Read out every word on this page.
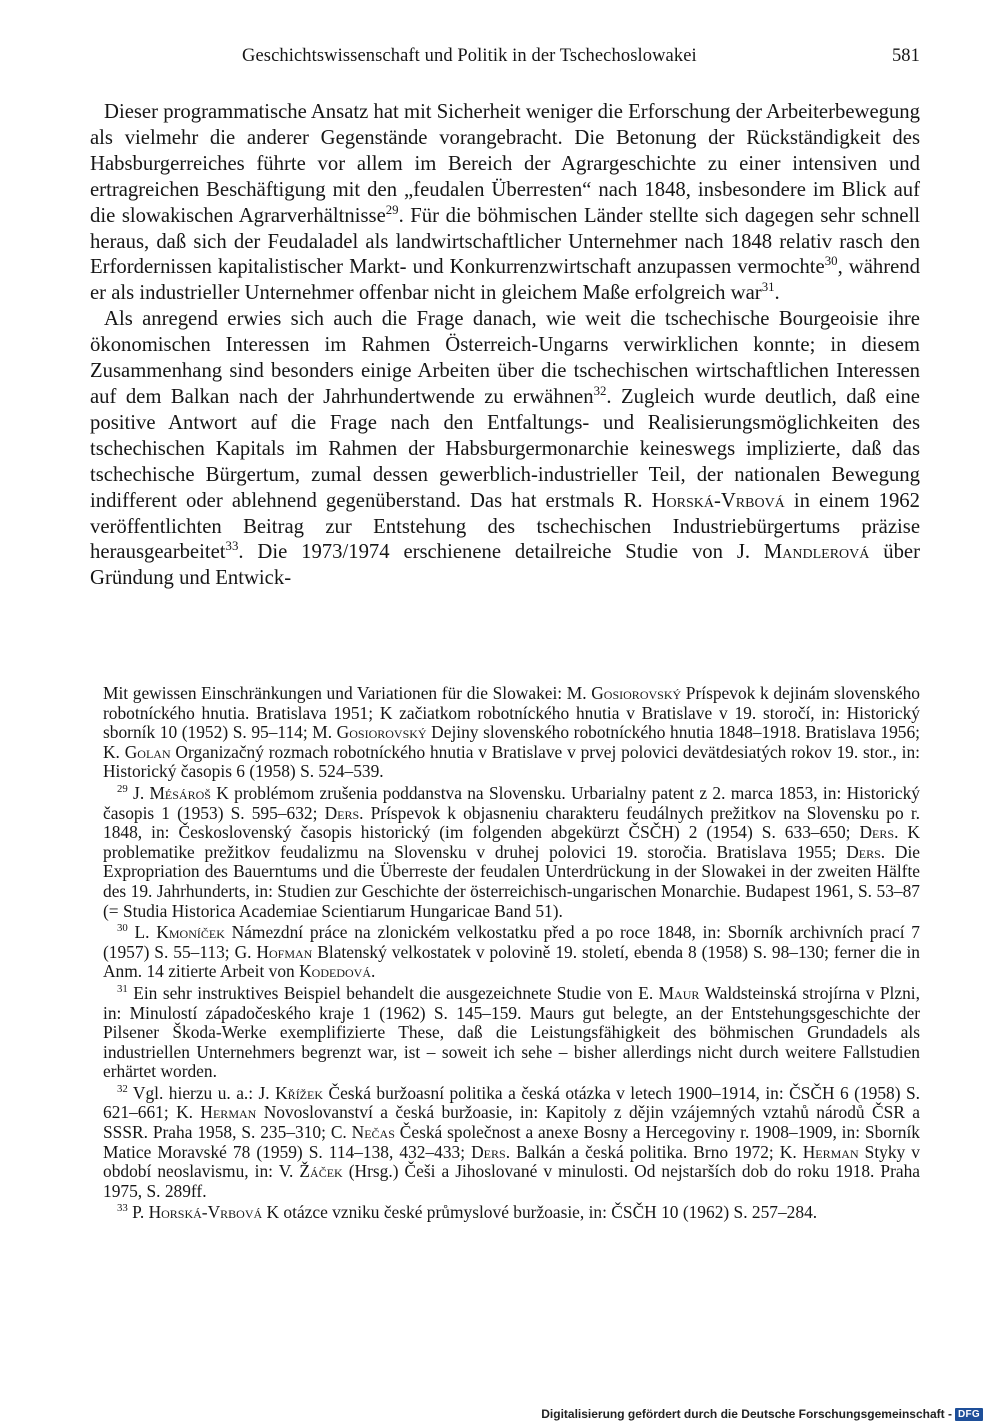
Geschichtswissenschaft und Politik in der Tschechoslowakei	581

Dieser programmatische Ansatz hat mit Sicherheit weniger die Erforschung der Arbeiterbewegung als vielmehr die anderer Gegenstände vorangebracht. Die Betonung der Rückständigkeit des Habsburgerreiches führte vor allem im Bereich der Agrargeschichte zu einer intensiven und ertragreichen Beschäftigung mit den „feudalen Überresten“ nach 1848, insbesondere im Blick auf die slowakischen Agrarverhältnisse$^{29}$. Für die böhmischen Länder stellte sich dagegen sehr schnell heraus, daß sich der Feudaladel als landwirtschaftlicher Unternehmer nach 1848 relativ rasch den Erfordernissen kapitalistischer Markt- und Konkurrenzwirtschaft anzupassen vermochte$^{30}$, während er als industrieller Unternehmer offenbar nicht in gleichem Maße erfolgreich war$^{31}$.

Als anregend erwies sich auch die Frage danach, wie weit die tschechische Bourgeoisie ihre ökonomischen Interessen im Rahmen Österreich-Ungarns verwirklichen konnte; in diesem Zusammenhang sind besonders einige Arbeiten über die tschechischen wirtschaftlichen Interessen auf dem Balkan nach der Jahrhundertwende zu erwähnen$^{32}$. Zugleich wurde deutlich, daß eine positive Antwort auf die Frage nach den Entfaltungs- und Realisierungsmöglichkeiten des tschechischen Kapitals im Rahmen der Habsburgermonarchie keineswegs implizierte, daß das tschechische Bürgertum, zumal dessen gewerblich-industrieller Teil, der nationalen Bewegung indifferent oder ablehnend gegenüberstand. Das hat erstmals R. Horská-Vrbová in einem 1962 veröffentlichten Beitrag zur Entstehung des tschechischen Industriebürgertums präzise herausgearbeitet$^{33}$. Die 1973/1974 erschienene detailreiche Studie von J. Mandlerová über Gründung und Entwick-

Mit gewissen Einschränkungen und Variationen für die Slowakei: M. Gosiorovský Príspevok k dejinám slovenského robotníckého hnutia. Bratislava 1951; K začiatkom robotníckého hnutia v Bratislave v 19. storočí, in: Historický sborník 10 (1952) S. 95–114; M. Gosiorovský Dejiny slovenského robotníckého hnutia 1848–1918. Bratislava 1956; K. Golan Organizačný rozmach robotníckého hnutia v Bratislave v prvej polovici devätdesiatých rokov 19. stor., in: Historický časopis 6 (1958) S. 524–539.

$^{29}$ J. Mésároš K problémom zrušenia poddanstva na Slovensku. Urbarialny patent z 2. marca 1853, in: Historický časopis 1 (1953) S. 595–632; Ders. Príspevok k objasneniu charakteru feudálnych prežitkov na Slovensku po r. 1848, in: Československý časopis historický (im folgenden abgekürzt ČSČH) 2 (1954) S. 633–650; Ders. K problematike prežitkov feudalizmu na Slovensku v druhej polovici 19. storočia. Bratislava 1955; Ders. Die Expropriation des Bauerntums und die Überreste der feudalen Unterdrückung in der Slowakei in der zweiten Hälfte des 19. Jahrhunderts, in: Studien zur Geschichte der österreichisch-ungarischen Monarchie. Budapest 1961, S. 53–87 (= Studia Historica Academiae Scientiarum Hungaricae Band 51).

$^{30}$ L. Kmoníček Námezdní práce na zlonickém velkostatku před a po roce 1848, in: Sborník archivních prací 7 (1957) S. 55–113; G. Hofman Blatenský velkostatek v polovině 19. století, ebenda 8 (1958) S. 98–130; ferner die in Anm. 14 zitierte Arbeit von Kodedová.

$^{31}$ Ein sehr instruktives Beispiel behandelt die ausgezeichnete Studie von E. Maur Waldsteinská strojírna v Plzni, in: Minulostí západočeského kraje 1 (1962) S. 145–159. Maurs gut belegte, an der Entstehungsgeschichte der Pilsener Škoda-Werke exemplifizierte These, daß die Leistungsfähigkeit des böhmischen Grundadels als industriellen Unternehmers begrenzt war, ist – soweit ich sehe – bisher allerdings nicht durch weitere Fallstudien erhärtet worden.

$^{32}$ Vgl. hierzu u. a.: J. Křížek Česká buržoasní politika a česká otázka v letech 1900–1914, in: ČSČH 6 (1958) S. 621–661; K. Herman Novoslovanství a česká buržoasie, in: Kapitoly z dějin vzájemných vztahů národů ČSR a SSSR. Praha 1958, S. 235–310; C. Nečas Česká společnost a anexe Bosny a Hercegoviny r. 1908–1909, in: Sborník Matice Moravské 78 (1959) S. 114–138, 432–433; Ders. Balkán a česká politika. Brno 1972; K. Herman Styky v období neoslavismu, in: V. Žáček (Hrsg.) Češi a Jihoslované v minulosti. Od nejstarších dob do roku 1918. Praha 1975, S. 289ff.

$^{33}$ P. Horská-Vrbová K otázce vzniku české průmyslové buržoasie, in: ČSČH 10 (1962) S. 257–284.

Digitalisierung gefördert durch die Deutsche Forschungsgemeinschaft - DFG
